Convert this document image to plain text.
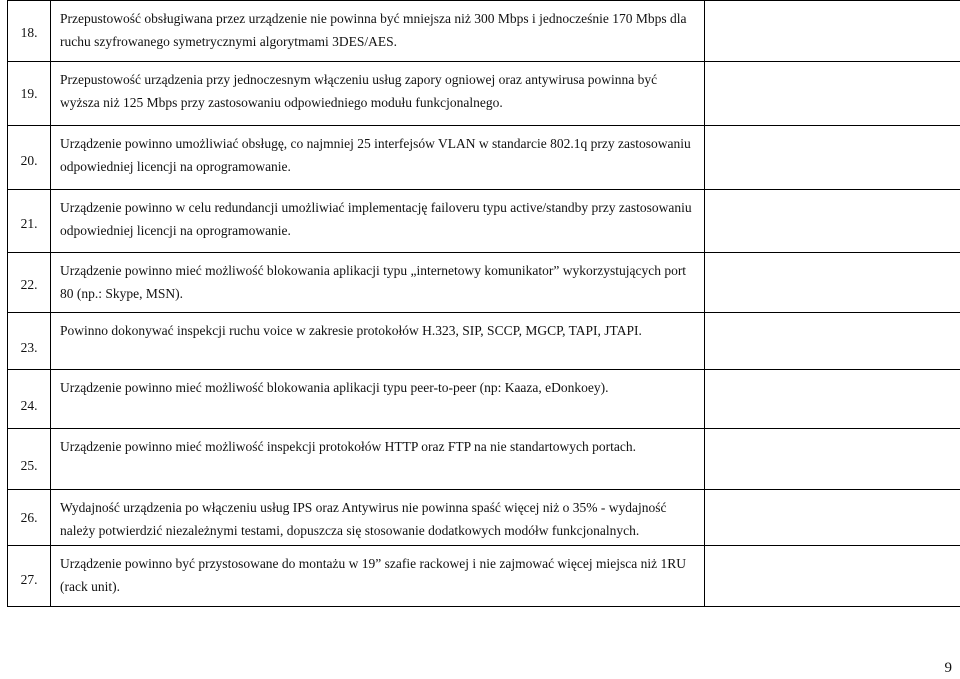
18.	Przepustowość obsługiwana przez urządzenie nie powinna być mniejsza niż 300 Mbps i jednocześnie 170 Mbps dla ruchu szyfrowanego symetrycznymi algorytmami 3DES/AES.	

19.	Przepustowość urządzenia przy jednoczesnym włączeniu usług zapory ogniowej oraz antywirusa powinna być wyższa niż 125 Mbps przy zastosowaniu odpowiedniego modułu funkcjonalnego.	

20.	Urządzenie powinno umożliwiać obsługę, co najmniej 25 interfejsów VLAN w standarcie 802.1q przy zastosowaniu odpowiedniej licencji na oprogramowanie.	

21.	Urządzenie powinno w celu redundancji umożliwiać implementację failoveru typu active/standby przy zastosowaniu odpowiedniej licencji na oprogramowanie.	

22.	Urządzenie powinno mieć możliwość blokowania aplikacji typu „internetowy komunikator” wykorzystujących port 80 (np.: Skype, MSN).	

23.	Powinno dokonywać inspekcji ruchu voice w zakresie protokołów H.323, SIP, SCCP, MGCP, TAPI, JTAPI.	

24.	Urządzenie powinno mieć możliwość blokowania aplikacji typu peer-to-peer (np: Kaaza, eDonkoey).	

25.	Urządzenie powinno mieć możliwość inspekcji protokołów HTTP oraz FTP na nie standartowych portach.	

26.	Wydajność urządzenia po włączeniu usług IPS oraz Antywirus nie powinna spaść więcej niż o 35% - wydajność należy potwierdzić niezależnymi testami, dopuszcza się stosowanie dodatkowych modółw funkcjonalnych.	

27.	Urządzenie powinno być przystosowane do montażu w 19” szafie rackowej i nie zajmować więcej miejsca niż 1RU (rack unit).	
9
